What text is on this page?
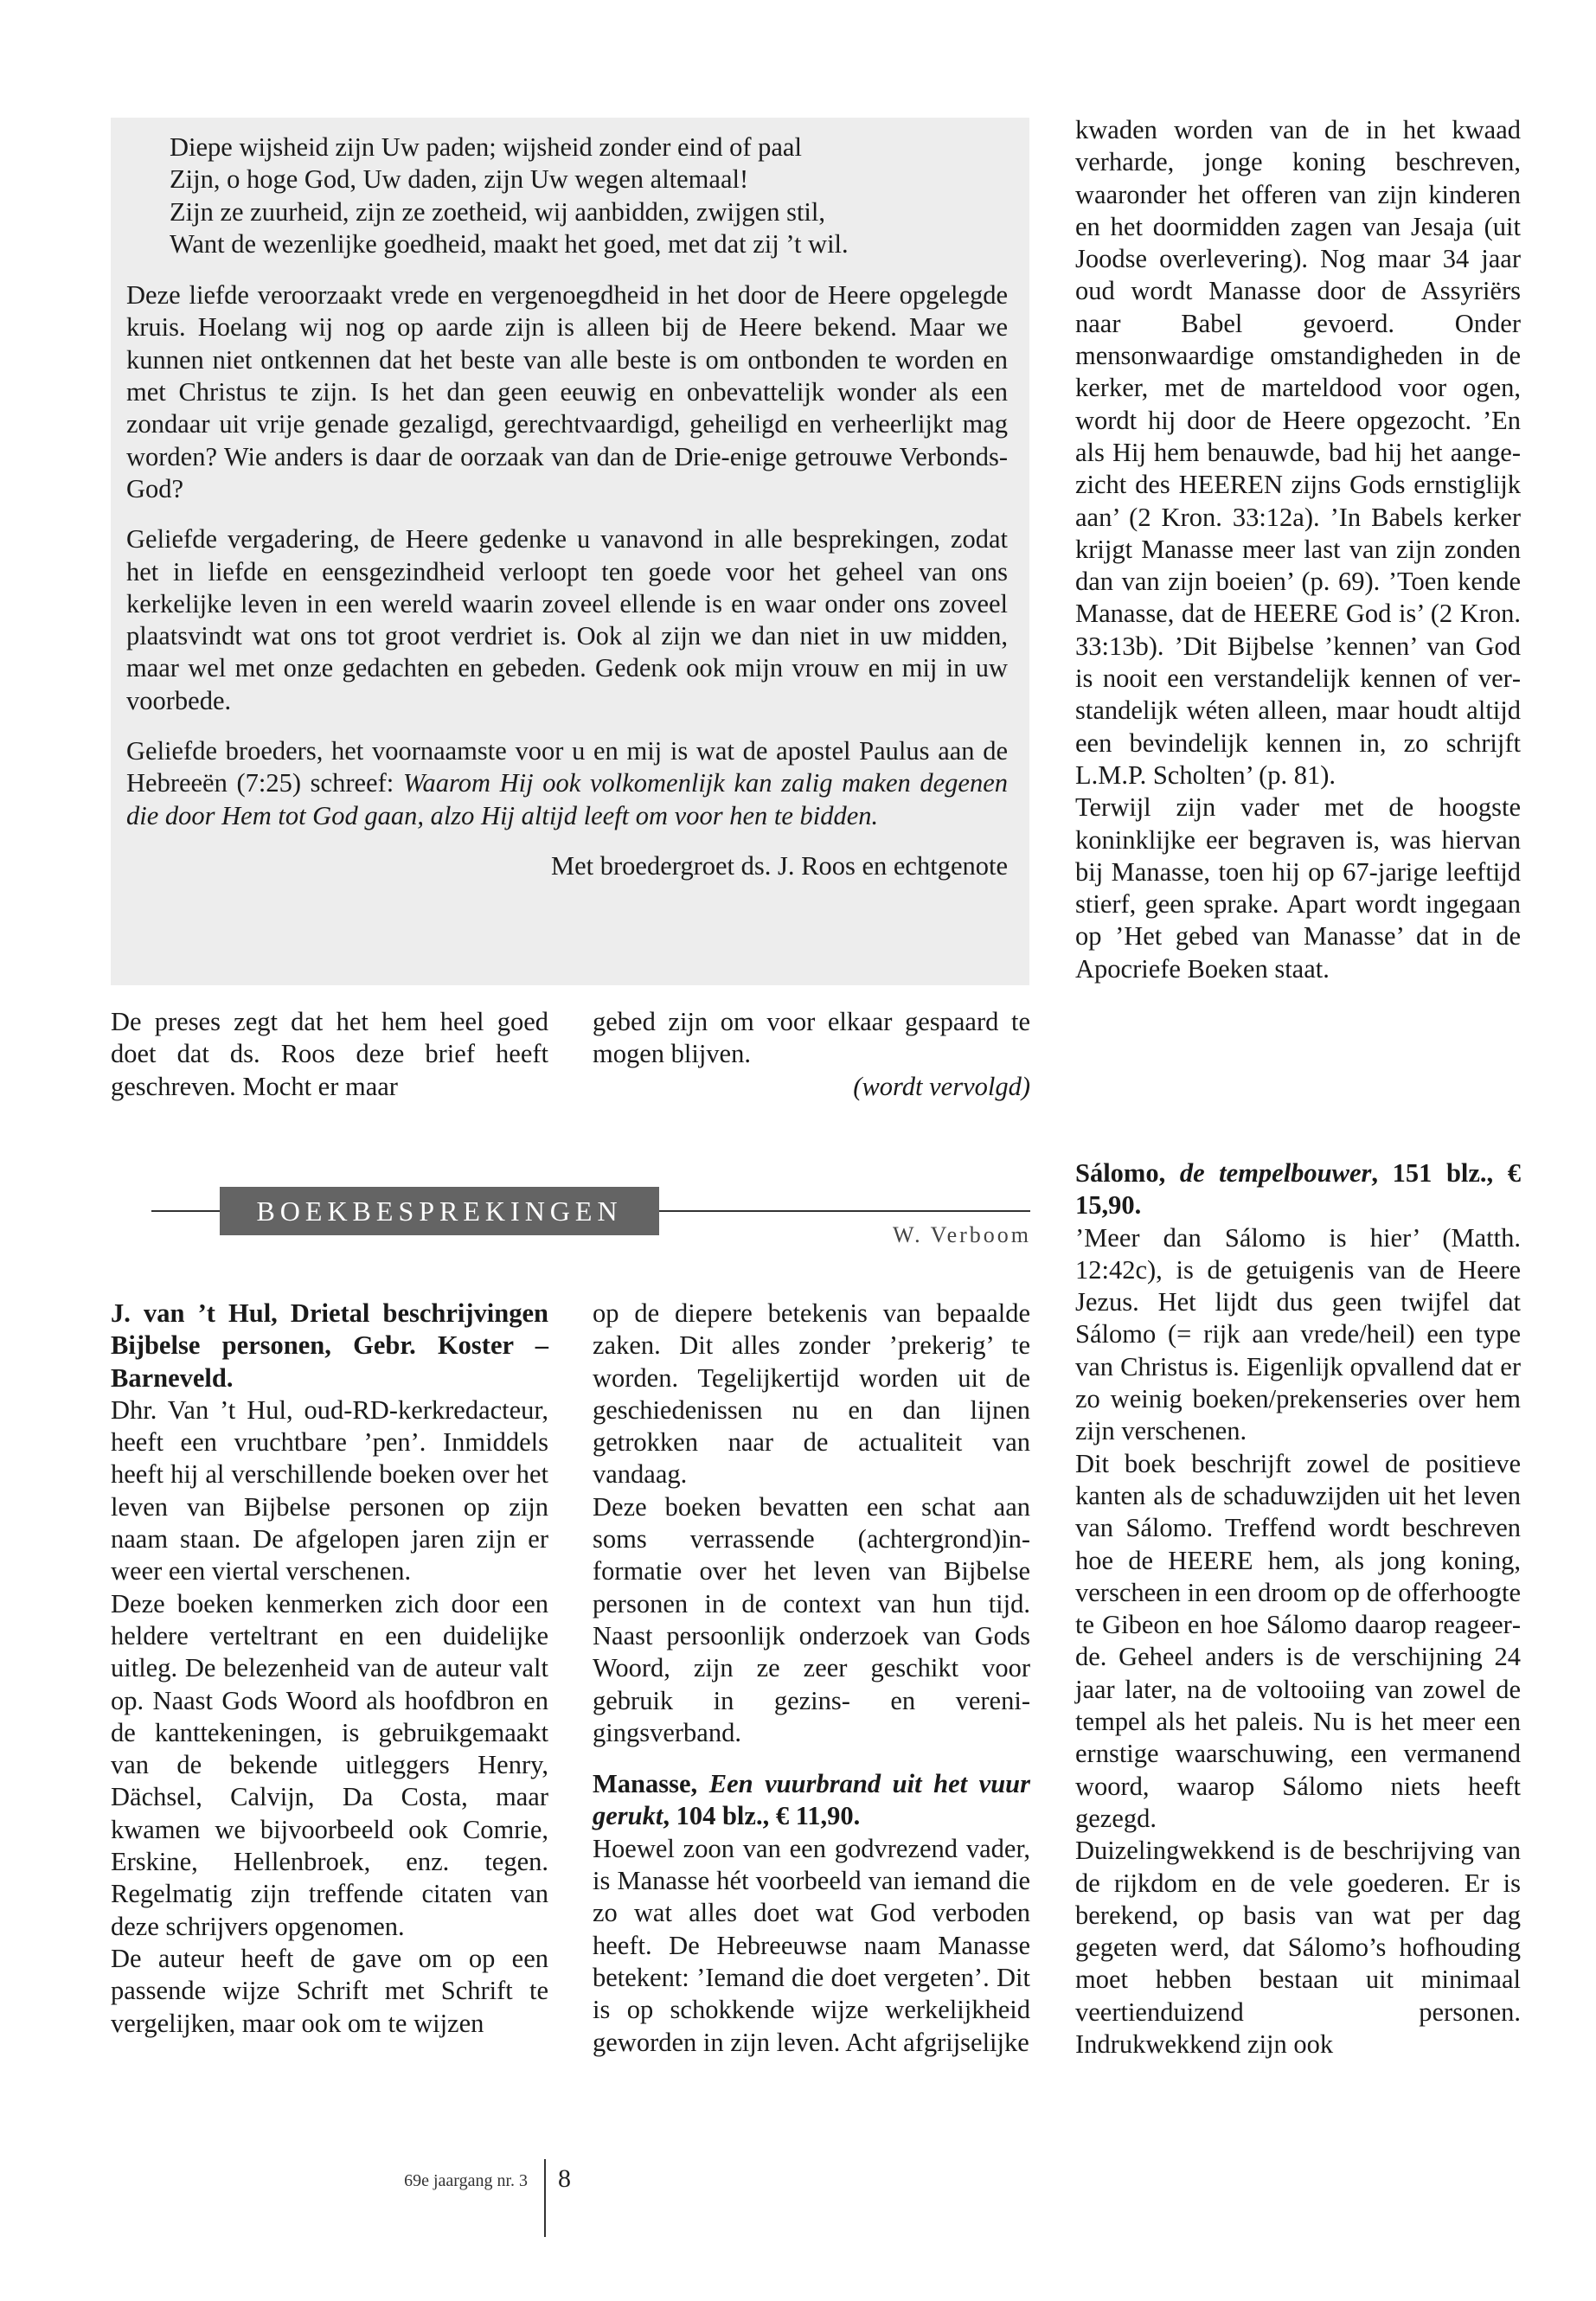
Diepe wijsheid zijn Uw paden; wijsheid zonder eind of paal
Zijn, o hoge God, Uw daden, zijn Uw wegen altemaal!
Zijn ze zuurheid, zijn ze zoetheid, wij aanbidden, zwijgen stil,
Want de wezenlijke goedheid, maakt het goed, met dat zij ’t wil.

Deze liefde veroorzaakt vrede en vergenoegdheid in het door de Heere opgelegde kruis. Hoelang wij nog op aarde zijn is alleen bij de Heere bekend. Maar we kunnen niet ontkennen dat het beste van alle beste is om ontbonden te worden en met Christus te zijn. Is het dan geen eeuwig en onbevattelijk wonder als een zondaar uit vrije genade gezaligd, gerechtvaardigd, geheiligd en verheerlijkt mag worden? Wie anders is daar de oorzaak van dan de Drie-enige getrouwe Verbonds-God?

Geliefde vergadering, de Heere gedenke u vanavond in alle besprekingen, zodat het in liefde en eensgezindheid verloopt ten goede voor het geheel van ons kerkelijke leven in een wereld waarin zoveel ellende is en waar onder ons zoveel plaatsvindt wat ons tot groot verdriet is. Ook al zijn we dan niet in uw midden, maar wel met onze gedachten en gebeden. Gedenk ook mijn vrouw en mij in uw voorbede.

Geliefde broeders, het voornaamste voor u en mij is wat de apostel Paulus aan de Hebreeën (7:25) schreef: Waarom Hij ook volkomenlijk kan zalig maken degenen die door Hem tot God gaan, alzo Hij altijd leeft om voor hen te bidden.

Met broedergroet ds. J. Roos en echtgenote

kwaden worden van de in het kwaad verharde, jonge koning beschreven, waaronder het offeren van zijn kinderen en het doormidden zagen van Jesaja (uit Joodse overlevering). Nog maar 34 jaar oud wordt Manasse door de Assyriërs naar Babel gevoerd. Onder mensonwaardige omstandigheden in de kerker, met de marteldood voor ogen, wordt hij door de Heere opgezocht. ’En als Hij hem benauwde, bad hij het aangezicht des HEEREN zijns Gods ernstiglijk aan’ (2 Kron. 33:12a). ’In Babels kerker krijgt Manasse meer last van zijn zonden dan van zijn boeien’ (p. 69). ’Toen kende Manasse, dat de HEERE God is’ (2 Kron. 33:13b). ’Dit Bijbelse ’kennen’ van God is nooit een verstandelijk kennen of verstandelijk wéten alleen, maar houdt altijd een bevindelijk kennen in, zo schrijft L.M.P. Scholten’ (p. 81).

Terwijl zijn vader met de hoogste koninklijke eer begraven is, was hiervan bij Manasse, toen hij op 67-jarige leeftijd stierf, geen sprake. Apart wordt ingegaan op ’Het gebed van Manasse’ dat in de Apocriefe Boeken staat.

De preses zegt dat het hem heel goed doet dat ds. Roos deze brief heeft geschreven. Mocht er maar

gebed zijn om voor elkaar gespaard te mogen blijven.

(wordt vervolgd)

BOEKBESPREKINGEN
W. Verboom

J. van ’t Hul, Drietal beschrijvingen Bijbelse personen, Gebr. Koster – Barneveld.

Dhr. Van ’t Hul, oud-RD-kerkredacteur, heeft een vruchtbare ’pen’. Inmiddels heeft hij al verschillende boeken over het leven van Bijbelse personen op zijn naam staan. De afgelopen jaren zijn er weer een viertal verschenen.

Deze boeken kenmerken zich door een heldere verteltrant en een duidelijke uitleg. De belezenheid van de auteur valt op. Naast Gods Woord als hoofdbron en de kanttekeningen, is gebruikgemaakt van de bekende uitleggers Henry, Dächsel, Calvijn, Da Costa, maar kwamen we bijvoorbeeld ook Comrie, Erskine, Hellenbroek, enz. tegen. Regelmatig zijn treffende citaten van deze schrijvers opgenomen.

De auteur heeft de gave om op een passende wijze Schrift met Schrift te vergelijken, maar ook om te wijzen

op de diepere betekenis van bepaalde zaken. Dit alles zonder ’prekerig’ te worden. Tegelijkertijd worden uit de geschiedenissen nu en dan lijnen getrokken naar de actualiteit van vandaag.

Deze boeken bevatten een schat aan soms verrassende (achtergrond)informatie over het leven van Bijbelse personen in de context van hun tijd. Naast persoonlijk onderzoek van Gods Woord, zijn ze zeer geschikt voor gebruik in gezins- en verenigingsverband.

Manasse, Een vuurbrand uit het vuur gerukt, 104 blz., € 11,90.

Hoewel zoon van een godvrezend vader, is Manasse hét voorbeeld van iemand die zo wat alles doet wat God verboden heeft. De Hebreeuwse naam Manasse betekent: ’Iemand die doet vergeten’. Dit is op schokkende wijze werkelijkheid geworden in zijn leven. Acht afgrijselijke

Sálomo, de tempelbouwer, 151 blz., € 15,90.

’Meer dan Sálomo is hier’ (Matth. 12:42c), is de getuigenis van de Heere Jezus. Het lijdt dus geen twijfel dat Sálomo (= rijk aan vrede/heil) een type van Christus is. Eigenlijk opvallend dat er zo weinig boeken/prekenseries over hem zijn verschenen.

Dit boek beschrijft zowel de positieve kanten als de schaduwzijden uit het leven van Sálomo. Treffend wordt beschreven hoe de HEERE hem, als jong koning, verscheen in een droom op de offerhoogte te Gibeon en hoe Sálomo daarop reageerde. Geheel anders is de verschijning 24 jaar later, na de voltooiing van zowel de tempel als het paleis. Nu is het meer een ernstige waarschuwing, een vermanend woord, waarop Sálomo niets heeft gezegd.

Duizelingwekkend is de beschrijving van de rijkdom en de vele goederen. Er is berekend, op basis van wat per dag gegeten werd, dat Sálomo’s hofhouding moet hebben bestaan uit minimaal veertienduizend personen. Indrukwekkend zijn ook

69e jaargang nr. 3 8
